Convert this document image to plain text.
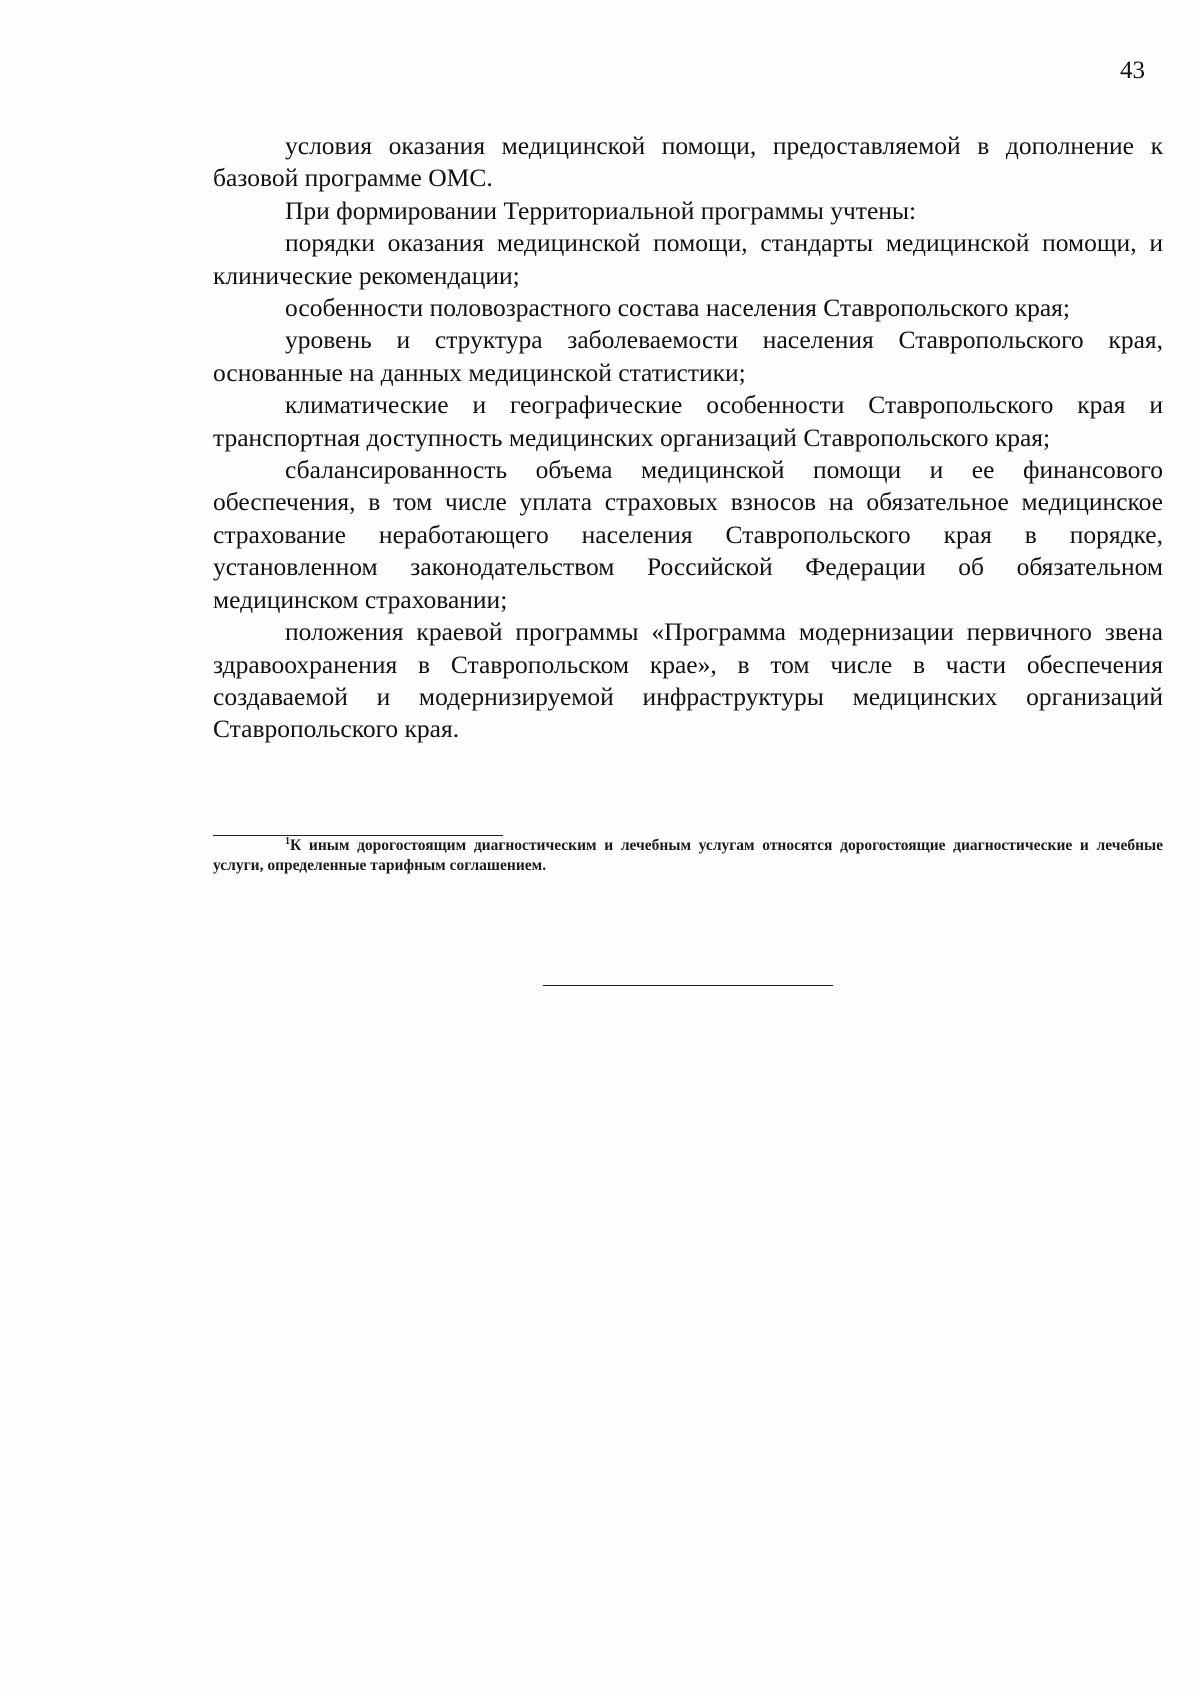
43

условия оказания медицинской помощи, предоставляемой в дополнение к базовой программе ОМС.

При формировании Территориальной программы учтены:

порядки оказания медицинской помощи, стандарты медицинской помощи, и клинические рекомендации;

особенности половозрастного состава населения Ставропольского края;

уровень и структура заболеваемости населения Ставропольского края, основанные на данных медицинской статистики;

климатические и географические особенности Ставропольского края и транспортная доступность медицинских организаций Ставропольского края;

сбалансированность объема медицинской помощи и ее финансового обеспечения, в том числе уплата страховых взносов на обязательное медицинское страхование неработающего населения Ставропольского края в порядке, установленном законодательством Российской Федерации об обязательном медицинском страховании;

положения краевой программы «Программа модернизации первичного звена здравоохранения в Ставропольском крае», в том числе в части обеспечения создаваемой и модернизируемой инфраструктуры медицинских организаций Ставропольского края.

$^1$К иным дорогостоящим диагностическим и лечебным услугам относятся дорогостоящие диагностические и лечебные услуги, определенные тарифным соглашением.
